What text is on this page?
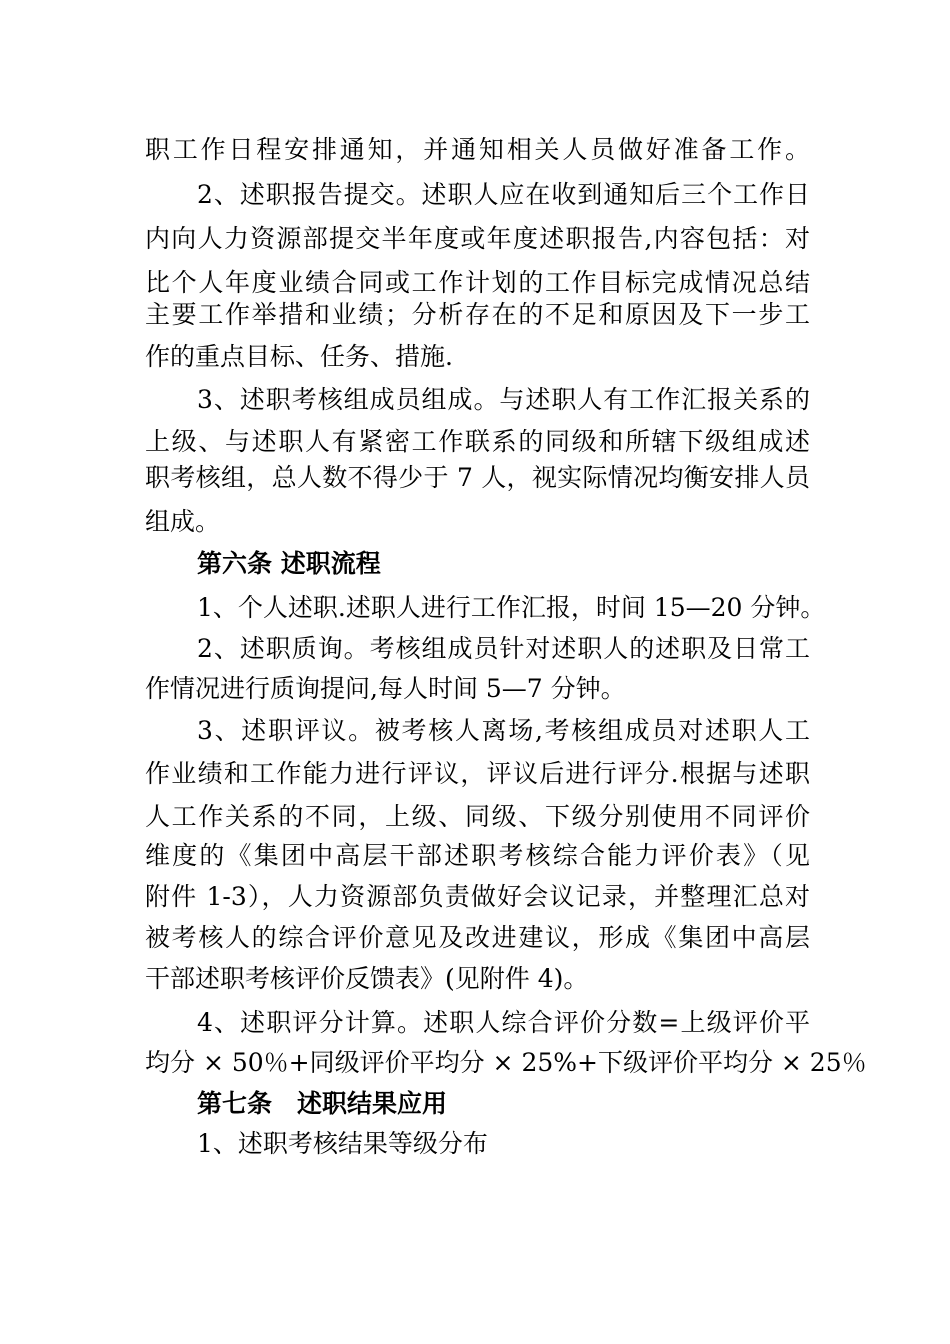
职工作日程安排通知，并通知相关人员做好准备工作。
2、述职报告提交。述职人应在收到通知后三个工作日
内向人力资源部提交半年度或年度述职报告,内容包括：对
比个人年度业绩合同或工作计划的工作目标完成情况总结
主要工作举措和业绩；分析存在的不足和原因及下一步工
作的重点目标、任务、措施.
3、述职考核组成员组成。与述职人有工作汇报关系的
上级、与述职人有紧密工作联系的同级和所辖下级组成述
职考核组，总人数不得少于 7 人，视实际情况均衡安排人员
组成。
第六条 述职流程
1、个人述职.述职人进行工作汇报，时间 15—20 分钟。
2、述职质询。考核组成员针对述职人的述职及日常工
作情况进行质询提问,每人时间 5—7 分钟。
3、述职评议。被考核人离场,考核组成员对述职人工
作业绩和工作能力进行评议，评议后进行评分.根据与述职
人工作关系的不同，上级、同级、下级分别使用不同评价
维度的《集团中高层干部述职考核综合能力评价表》（见
附件 1-3），人力资源部负责做好会议记录，并整理汇总对
被考核人的综合评价意见及改进建议，形成《集团中高层
干部述职考核评价反馈表》(见附件 4)。
4、述职评分计算。述职人综合评价分数=上级评价平
均分 × 50％+同级评价平均分 × 25%+下级评价平均分 × 25％
第七条　述职结果应用
1、述职考核结果等级分布
